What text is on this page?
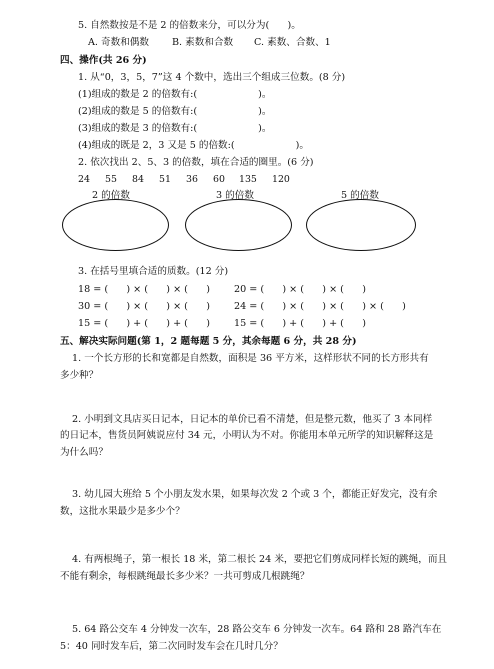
5. 自然数按是不是 2 的倍数来分，可以分为(      )。
A. 奇数和偶数 B. 素数和合数 C. 素数、合数、1
四、操作(共 26 分)
1. 从“0，3，5，7”这 4 个数中，选出三个组成三位数。(8 分)
(1)组成的数是 2 的倍数有:(                    )。
(2)组成的数是 5 的倍数有:(                    )。
(3)组成的数是 3 的倍数有:(                    )。
(4)组成的既是 2，3 又是 5 的倍数:(                    )。
2. 依次找出 2、5、3 的倍数，填在合适的圈里。(6 分)
24 55 84 51 36 60 135 120
2 的倍数	3 的倍数	5 的倍数
3. 在括号里填合适的质数。(12 分)
18 = (      ) × (      ) × (      )	20 = (      ) × (      ) × (      )
30 = (      ) × (      ) × (      )	24 = (      ) × (      ) × (      ) × (      )
15 = (      ) + (      ) + (      )	15 = (      ) + (      ) + (      )
五、解决实际问题(第 1，2 题每题 5 分，其余每题 6 分，共 28 分)
1. 一个长方形的长和宽都是自然数，面积是 36 平方米，这样形状不同的长方形共有
多少种？
2. 小明到文具店买日记本，日记本的单价已看不清楚，但是整元数，他买了 3 本同样
的日记本，售货员阿姨说应付 34 元，小明认为不对。你能用本单元所学的知识解释这是
为什么吗？
3. 幼儿园大班给 5 个小朋友发水果，如果每次发 2 个或 3 个，都能正好发完，没有余
数，这批水果最少是多少个？
4. 有两根绳子，第一根长 18 米，第二根长 24 米，要把它们剪成同样长短的跳绳，而且
不能有剩余，每根跳绳最长多少米？一共可剪成几根跳绳？
5. 64 路公交车 4 分钟发一次车，28 路公交车 6 分钟发一次车。64 路和 28 路汽车在
5：40 同时发车后，第二次同时发车会在几时几分？
